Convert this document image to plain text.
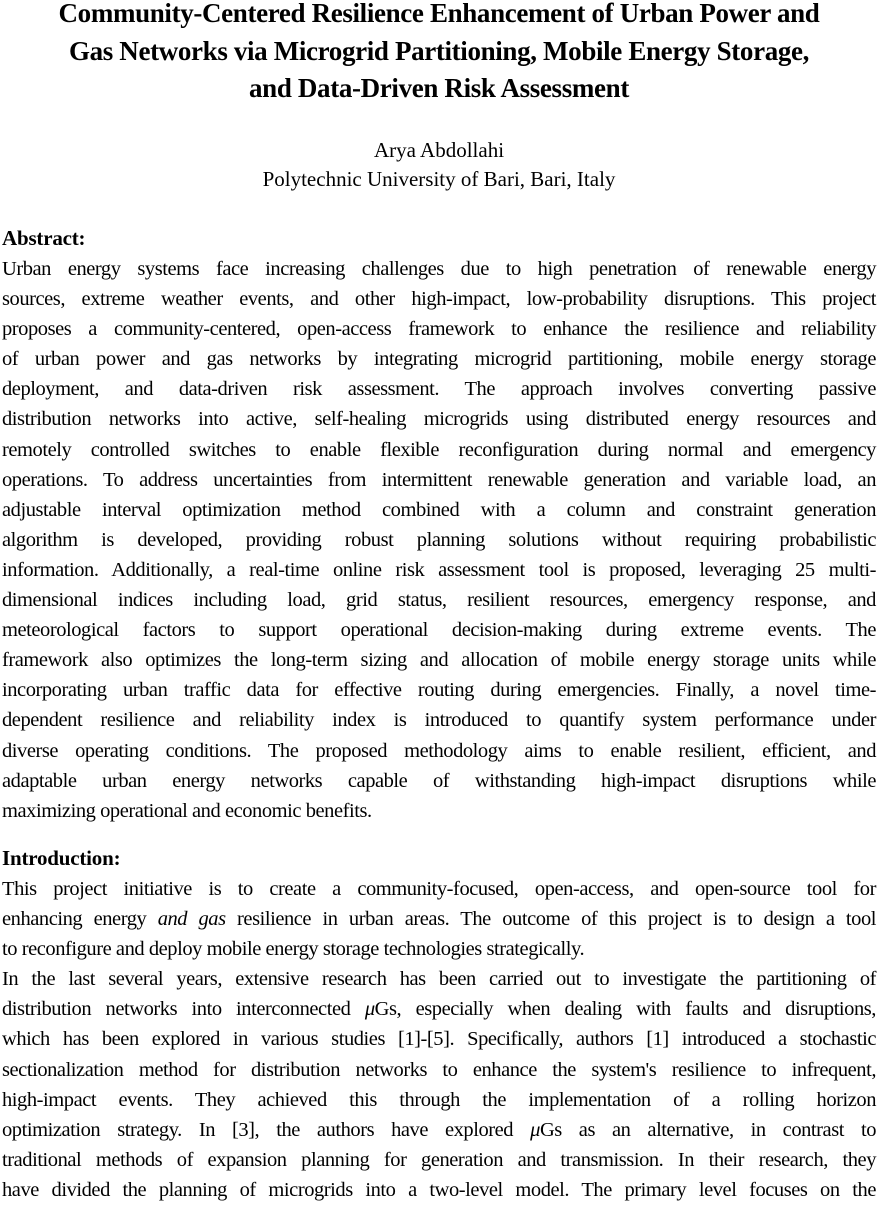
Community-Centered Resilience Enhancement of Urban Power and
Gas Networks via Microgrid Partitioning, Mobile Energy Storage,
and Data-Driven Risk Assessment
Arya Abdollahi
Polytechnic University of Bari, Bari, Italy
Abstract:
Urban energy systems face increasing challenges due to high penetration of renewable energy
sources, extreme weather events, and other high-impact, low-probability disruptions. This project
proposes a community-centered, open-access framework to enhance the resilience and reliability
of urban power and gas networks by integrating microgrid partitioning, mobile energy storage
deployment, and data-driven risk assessment. The approach involves converting passive
distribution networks into active, self-healing microgrids using distributed energy resources and
remotely controlled switches to enable flexible reconfiguration during normal and emergency
operations. To address uncertainties from intermittent renewable generation and variable load, an
adjustable interval optimization method combined with a column and constraint generation
algorithm is developed, providing robust planning solutions without requiring probabilistic
information. Additionally, a real-time online risk assessment tool is proposed, leveraging 25 multi-
dimensional indices including load, grid status, resilient resources, emergency response, and
meteorological factors to support operational decision-making during extreme events. The
framework also optimizes the long-term sizing and allocation of mobile energy storage units while
incorporating urban traffic data for effective routing during emergencies. Finally, a novel time-
dependent resilience and reliability index is introduced to quantify system performance under
diverse operating conditions. The proposed methodology aims to enable resilient, efficient, and
adaptable urban energy networks capable of withstanding high-impact disruptions while
maximizing operational and economic benefits.
Introduction:
This project initiative is to create a community-focused, open-access, and open-source tool for
enhancing energy and gas resilience in urban areas. The outcome of this project is to design a tool
to reconfigure and deploy mobile energy storage technologies strategically.
In the last several years, extensive research has been carried out to investigate the partitioning of
distribution networks into interconnected μGs, especially when dealing with faults and disruptions,
which has been explored in various studies [1]-[5]. Specifically, authors [1] introduced a stochastic
sectionalization method for distribution networks to enhance the system's resilience to infrequent,
high-impact events. They achieved this through the implementation of a rolling horizon
optimization strategy. In [3], the authors have explored μGs as an alternative, in contrast to
traditional methods of expansion planning for generation and transmission. In their research, they
have divided the planning of microgrids into a two-level model. The primary level focuses on the
